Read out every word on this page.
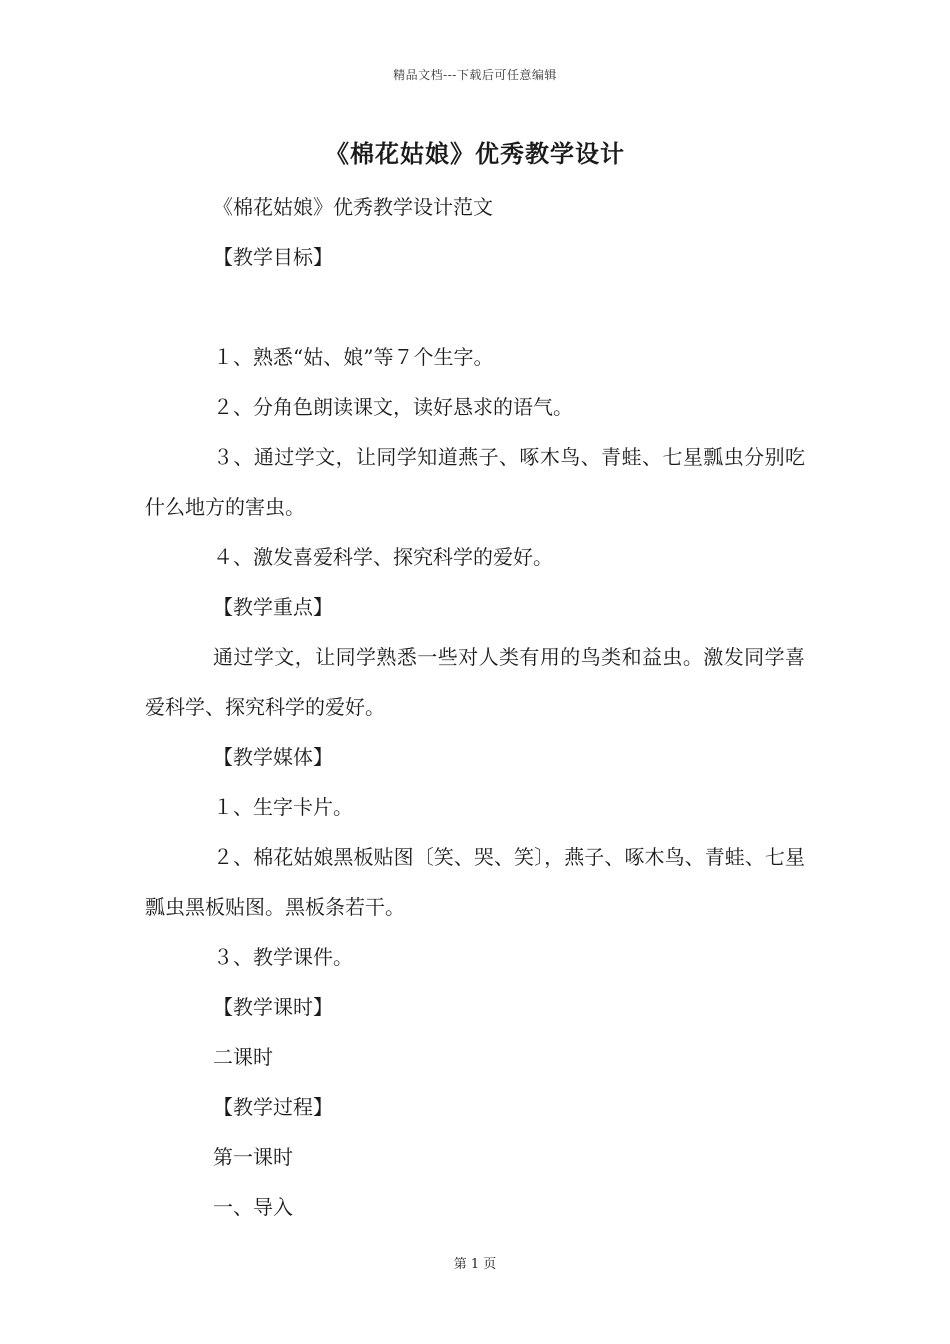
精品文档---下载后可任意编辑
《棉花姑娘》优秀教学设计

《棉花姑娘》优秀教学设计范文

【教学目标】

１、熟悉“姑、娘”等７个生字。

２、分角色朗读课文，读好恳求的语气。

３、通过学文，让同学知道燕子、啄木鸟、青蛙、七星瓢虫分别吃什么地方的害虫。

４、激发喜爱科学、探究科学的爱好。

【教学重点】

通过学文，让同学熟悉一些对人类有用的鸟类和益虫。激发同学喜爱科学、探究科学的爱好。

【教学媒体】

１、生字卡片。

２、棉花姑娘黑板贴图〔笑、哭、笑〕，燕子、啄木鸟、青蛙、七星瓢虫黑板贴图。黑板条若干。

３、教学课件。

【教学课时】

二课时

【教学过程】

第一课时

一、导入

第 1 页
